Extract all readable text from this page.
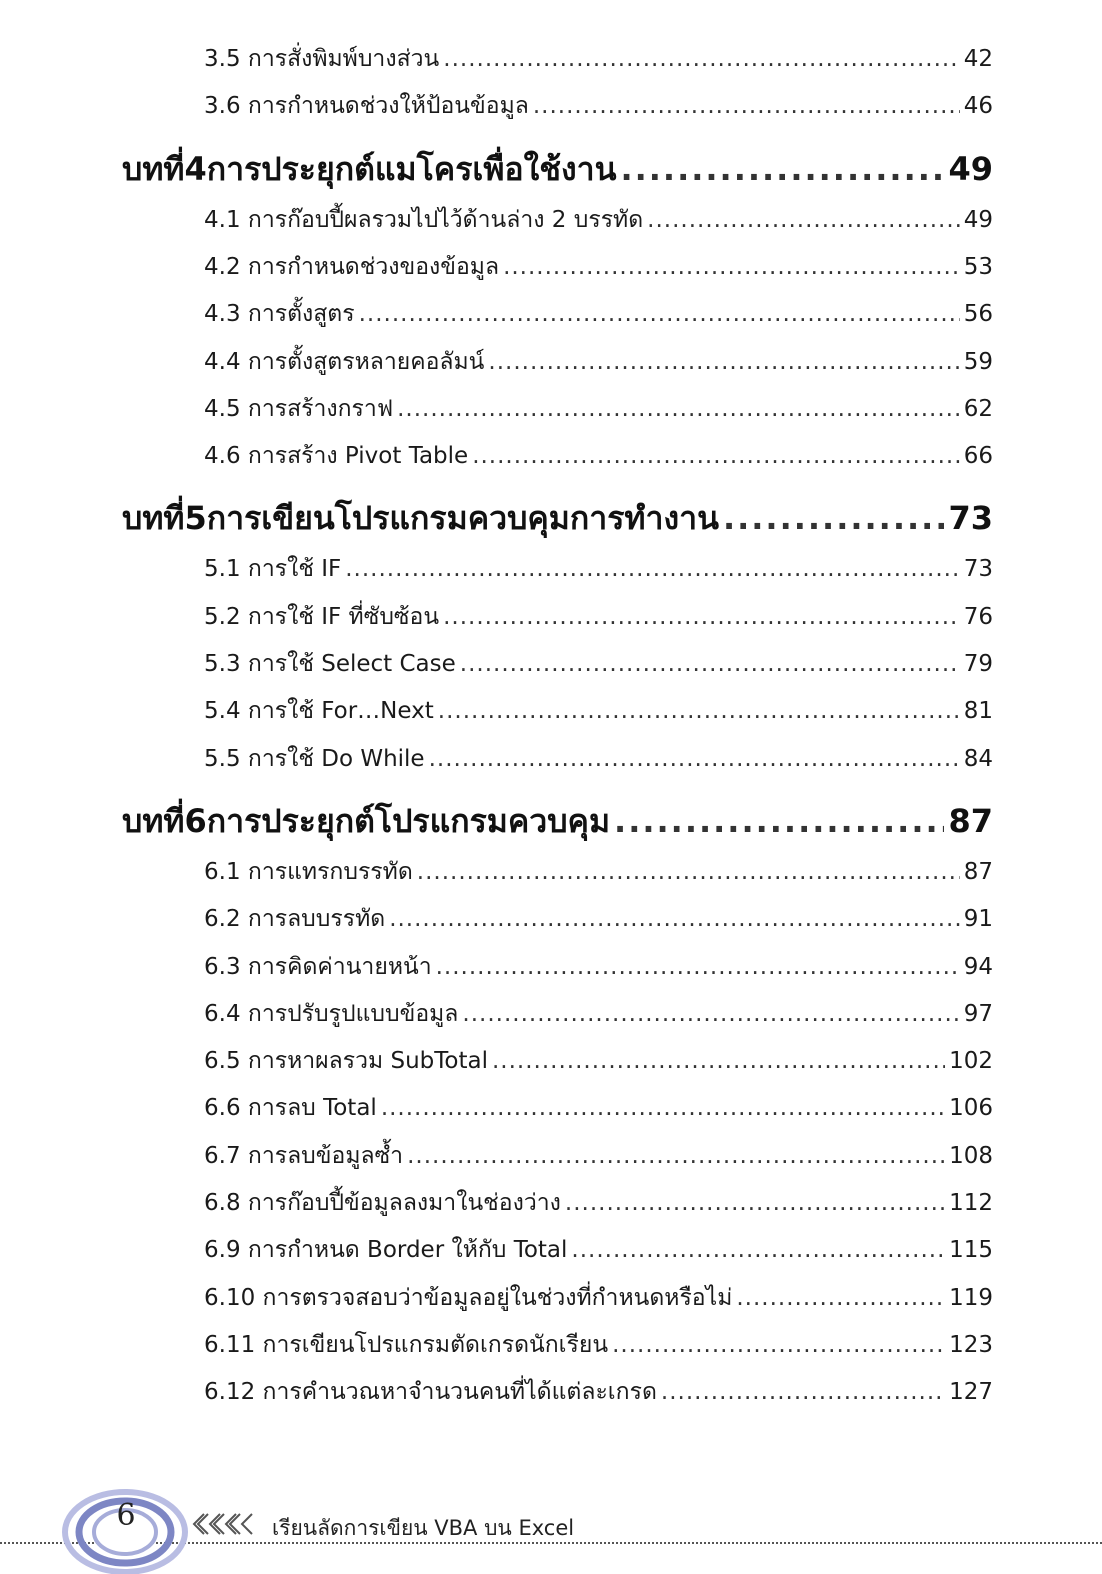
3.5 การสั่งพิมพ์บางส่วน .....	42
3.6 การกำหนดช่วงให้ป้อนข้อมูล .....	46
บทที่ 4 การประยุกต์แมโครเพื่อใช้งาน .....	49
4.1 การก๊อบปี้ผลรวมไปไว้ด้านล่าง 2 บรรทัด .....	49
4.2 การกำหนดช่วงของข้อมูล .....	53
4.3 การตั้งสูตร .....	56
4.4 การตั้งสูตรหลายคอลัมน์ .....	59
4.5 การสร้างกราฟ .....	62
4.6 การสร้าง Pivot Table .....	66
บทที่ 5 การเขียนโปรแกรมควบคุมการทำงาน .....	73
5.1 การใช้ IF .....	73
5.2 การใช้ IF ที่ซับซ้อน .....	76
5.3 การใช้ Select Case .....	79
5.4 การใช้ For…Next .....	81
5.5 การใช้ Do While .....	84
บทที่ 6 การประยุกต์โปรแกรมควบคุม .....	87
6.1 การแทรกบรรทัด .....	87
6.2 การลบบรรทัด .....	91
6.3 การคิดค่านายหน้า .....	94
6.4 การปรับรูปแบบข้อมูล .....	97
6.5 การหาผลรวม SubTotal .....	102
6.6 การลบ Total .....	106
6.7 การลบข้อมูลซ้ำ .....	108
6.8 การก๊อบปี้ข้อมูลลงมาในช่องว่าง .....	112
6.9 การกำหนด Border ให้กับ Total .....	115
6.10 การตรวจสอบว่าข้อมูลอยู่ในช่วงที่กำหนดหรือไม่ .....	119
6.11 การเขียนโปรแกรมตัดเกรดนักเรียน .....	123
6.12 การคำนวณหาจำนวนคนที่ได้แต่ละเกรด .....	127
6	เรียนลัดการเขียน VBA บน Excel
